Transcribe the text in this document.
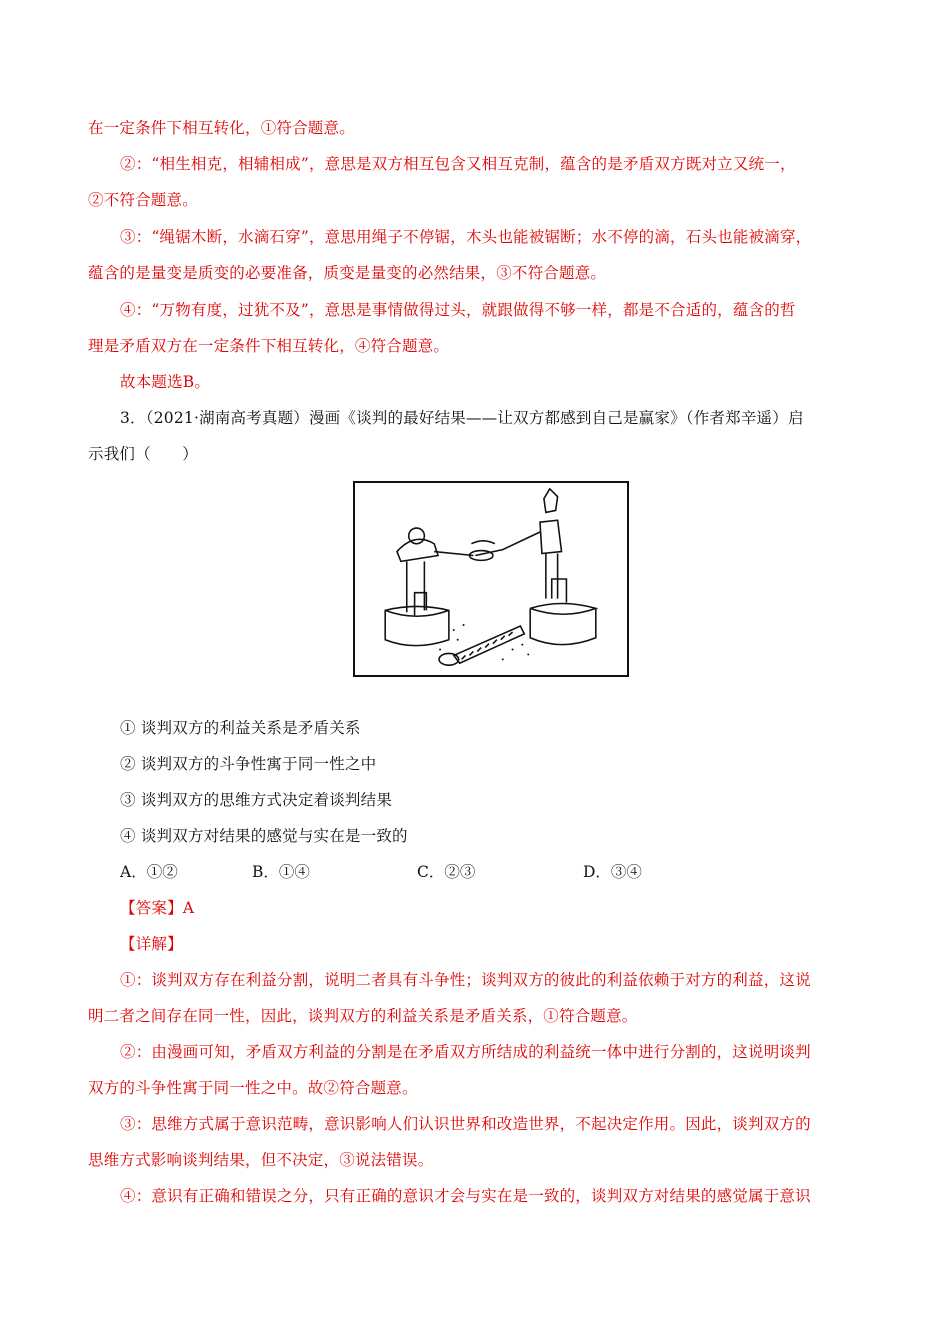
在一定条件下相互转化，①符合题意。
②：“相生相克，相辅相成”，意思是双方相互包含又相互克制，蕴含的是矛盾双方既对立又统一，
②不符合题意。
③：“绳锯木断，水滴石穿”，意思用绳子不停锯，木头也能被锯断；水不停的滴，石头也能被滴穿，
蕴含的是量变是质变的必要准备，质变是量变的必然结果，③不符合题意。
④：“万物有度，过犹不及”，意思是事情做得过头，就跟做得不够一样，都是不合适的，蕴含的哲
理是矛盾双方在一定条件下相互转化，④符合题意。
故本题选B。
3．（2021·湖南高考真题）漫画《谈判的最好结果——让双方都感到自己是赢家》（作者郑辛遥）启
示我们（　　）
① 谈判双方的利益关系是矛盾关系
② 谈判双方的斗争性寓于同一性之中
③ 谈判双方的思维方式决定着谈判结果
④ 谈判双方对结果的感觉与实在是一致的
A．①②	B．①④	C．②③	D．③④
【答案】A
【详解】
①：谈判双方存在利益分割，说明二者具有斗争性；谈判双方的彼此的利益依赖于对方的利益，这说
明二者之间存在同一性，因此，谈判双方的利益关系是矛盾关系，①符合题意。
②：由漫画可知，矛盾双方利益的分割是在矛盾双方所结成的利益统一体中进行分割的，这说明谈判
双方的斗争性寓于同一性之中。故②符合题意。
③：思维方式属于意识范畴，意识影响人们认识世界和改造世界，不起决定作用。因此，谈判双方的
思维方式影响谈判结果，但不决定，③说法错误。
④：意识有正确和错误之分，只有正确的意识才会与实在是一致的，谈判双方对结果的感觉属于意识
